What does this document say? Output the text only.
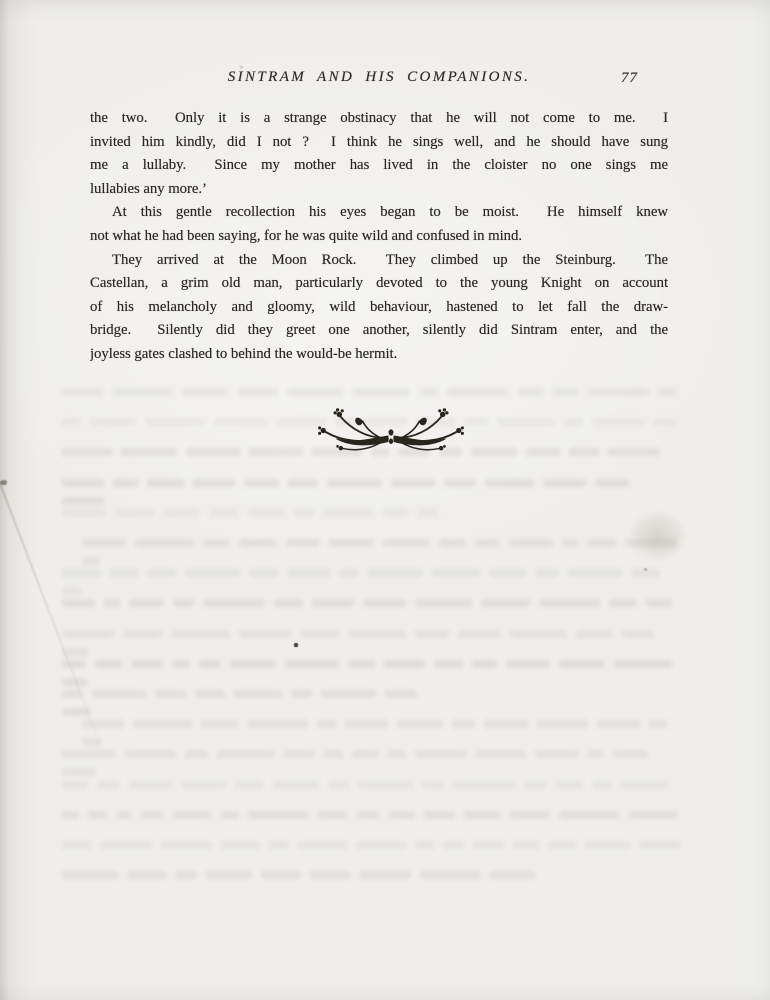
SINTRAM AND HIS COMPANIONS.	77
the two.  Only it is a strange obstinacy that he will not come to me.  I
invited him kindly, did I not ?  I think he sings well, and he should have sung
me a lullaby.  Since my mother has lived in the cloister no one sings me
lullabies any more.’
At this gentle recollection his eyes began to be moist.  He himself knew
not what he had been saying, for he was quite wild and confused in mind.
They arrived at the Moon Rock.  They climbed up the Steinburg.  The
Castellan, a grim old man, particularly devoted to the young Knight on account
of his melancholy and gloomy, wild behaviour, hastened to let fall the draw-
bridge.  Silently did they greet one another, silently did Sintram enter, and the
joyless gates clashed to behind the would-be hermit.
